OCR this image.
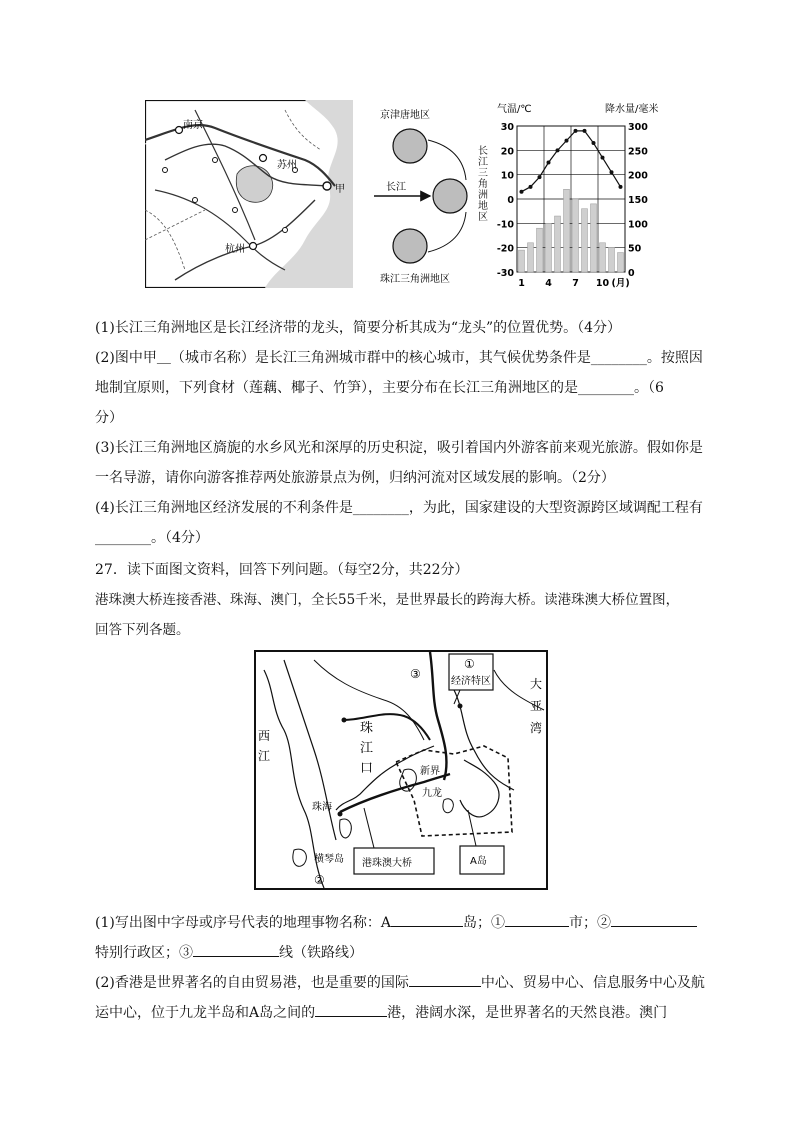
南京
苏州
甲
杭州
京津唐地区
长江
珠江三角洲地区
长江三角洲地区
气温/℃	降水量/毫米
30
20
10
0
-10
-20
-30
300
250
200
150
100
50
0
1 4 7 10 (月)
(1)长江三角洲地区是长江经济带的龙头，简要分析其成为“龙头”的位置优势。（4分）
(2)图中甲＿（城市名称）是长江三角洲城市群中的核心城市，其气候优势条件是________。按照因
地制宜原则，下列食材（莲藕、椰子、竹笋），主要分布在长江三角洲地区的是________。（6
分）
(3)长江三角洲地区旖旎的水乡风光和深厚的历史积淀，吸引着国内外游客前来观光旅游。假如你是
一名导游，请你向游客推荐两处旅游景点为例，归纳河流对区域发展的影响。（2分）
(4)长江三角洲地区经济发展的不利条件是________，为此，国家建设的大型资源跨区域调配工程有
________。（4分）
27．读下面图文资料，回答下列问题。（每空2分，共22分）
港珠澳大桥连接香港、珠海、澳门，全长55千米，是世界最长的跨海大桥。读港珠澳大桥位置图，
回答下列各题。
①
经济特区
③
大
亚
湾
西
江
珠
江
口	新界
九龙
珠海
横琴岛
②
港珠澳大桥	A岛
(1)写出图中字母或序号代表的地理事物名称：A	岛；①	市；②
特别行政区；③	线（铁路线）
(2)香港是世界著名的自由贸易港，也是重要的国际	中心、贸易中心、信息服务中心及航
运中心，位于九龙半岛和A岛之间的	港，港阔水深，是世界著名的天然良港。澳门
